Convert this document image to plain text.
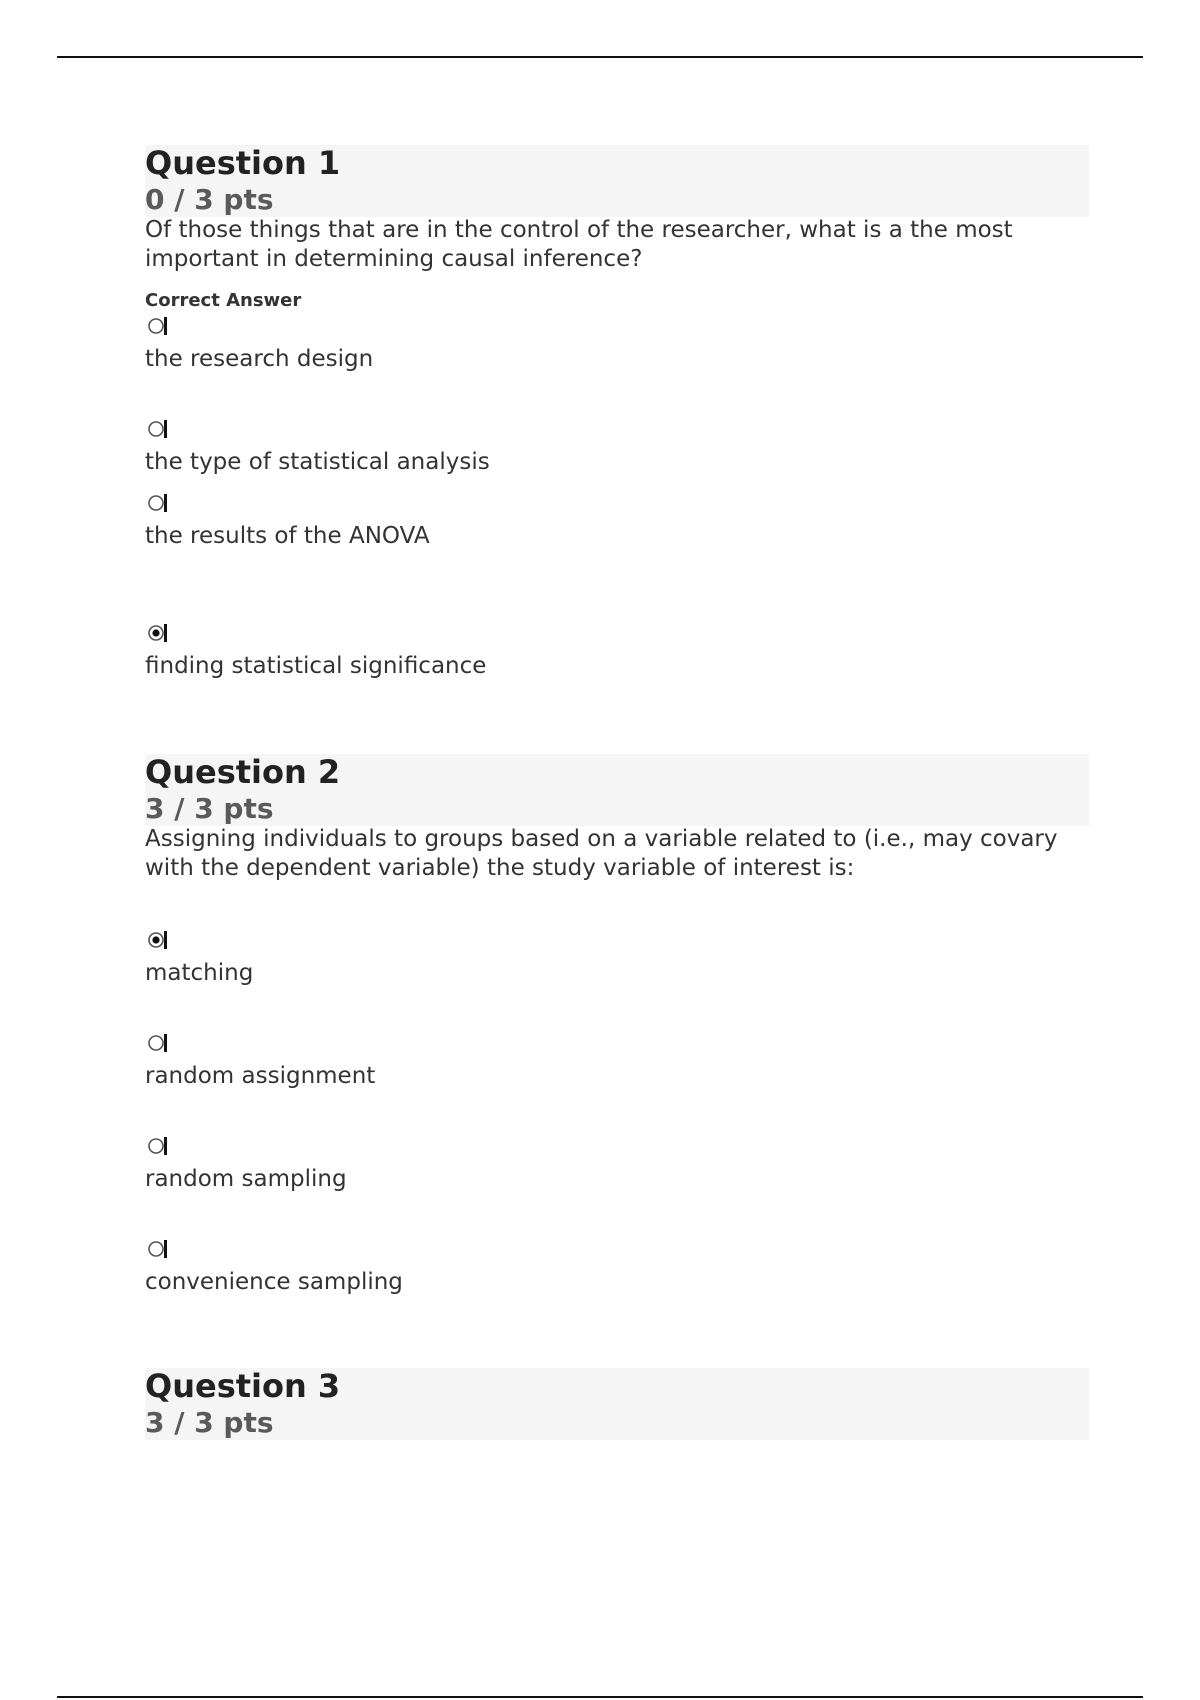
Question 1
0 / 3 pts
Of those things that are in the control of the researcher, what is a the most important in determining causal inference?
Correct Answer
the research design
the type of statistical analysis
the results of the ANOVA
finding statistical significance
Question 2
3 / 3 pts
Assigning individuals to groups based on a variable related to (i.e., may covary with the dependent variable) the study variable of interest is:
matching
random assignment
random sampling
convenience sampling
Question 3
3 / 3 pts
